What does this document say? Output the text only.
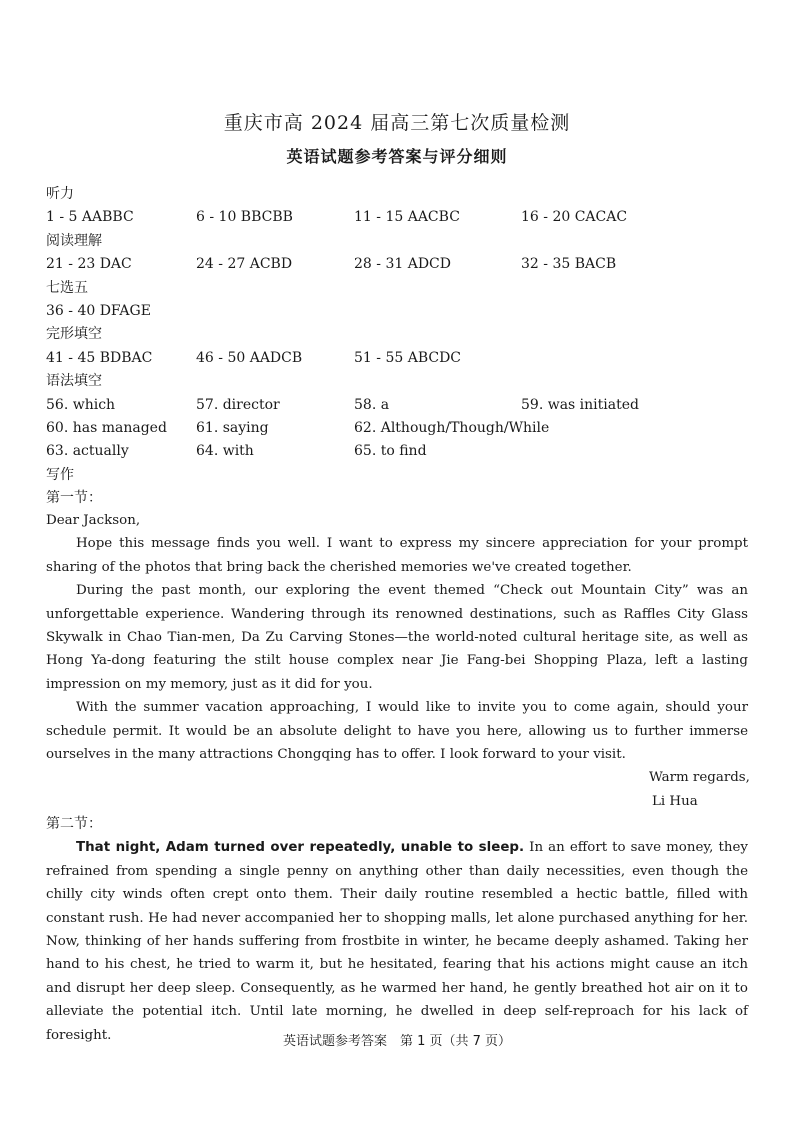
重庆市高 2024 届高三第七次质量检测
英语试题参考答案与评分细则
听力
1 - 5 AABBC	6 - 10 BBCBB	11 - 15 AACBC	16 - 20 CACAC
阅读理解
21 - 23 DAC	24 - 27 ACBD	28 - 31 ADCD	32 - 35 BACB
七选五
36 - 40 DFAGE
完形填空
41 - 45 BDBAC	46 - 50 AADCB	51 - 55 ABCDC
语法填空
56. which	57. director	58. a	59. was initiated
60. has managed 61. saying	62. Although/Though/While
63. actually	64. with	65. to find
写作
第一节：

Dear Jackson,

Hope this message finds you well. I want to express my sincere appreciation for your prompt sharing of the photos that bring back the cherished memories we've created together.

During the past month, our exploring the event themed “Check out Mountain City” was an unforgettable experience. Wandering through its renowned destinations, such as Raffles City Glass Skywalk in Chao Tian-men, Da Zu Carving Stones—the world-noted cultural heritage site, as well as Hong Ya-dong featuring the stilt house complex near Jie Fang-bei Shopping Plaza, left a lasting impression on my memory, just as it did for you.

With the summer vacation approaching, I would like to invite you to come again, should your schedule permit. It would be an absolute delight to have you here, allowing us to further immerse ourselves in the many attractions Chongqing has to offer. I look forward to your visit.

Warm regards,

Li Hua

第二节：

That night, Adam turned over repeatedly, unable to sleep. In an effort to save money, they refrained from spending a single penny on anything other than daily necessities, even though the chilly city winds often crept onto them. Their daily routine resembled a hectic battle, filled with constant rush. He had never accompanied her to shopping malls, let alone purchased anything for her. Now, thinking of her hands suffering from frostbite in winter, he became deeply ashamed. Taking her hand to his chest, he tried to warm it, but he hesitated, fearing that his actions might cause an itch and disrupt her deep sleep. Consequently, as he warmed her hand, he gently breathed hot air on it to alleviate the potential itch. Until late morning, he dwelled in deep self-reproach for his lack of foresight.	英语试题参考答案　第 1 页（共 7 页）
